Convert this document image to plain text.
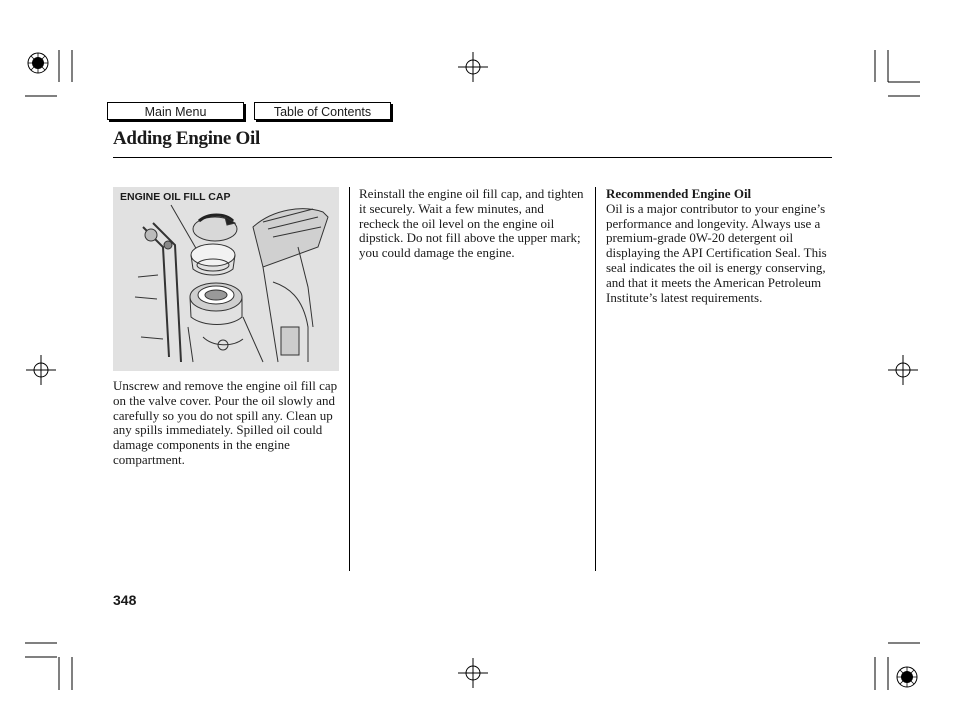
Main Menu	Table of Contents
Adding Engine Oil
ENGINE OIL FILL CAP
Unscrew and remove the engine oil fill cap on the valve cover. Pour the oil slowly and carefully so you do not spill any. Clean up any spills immediately. Spilled oil could damage components in the engine compartment.
Reinstall the engine oil fill cap, and tighten it securely. Wait a few minutes, and recheck the oil level on the engine oil dipstick. Do not fill above the upper mark; you could damage the engine.
Recommended Engine Oil
Oil is a major contributor to your engine’s performance and longevity. Always use a premium-grade 0W-20 detergent oil displaying the API Certification Seal. This seal indicates the oil is energy conserving, and that it meets the American Petroleum Institute’s latest requirements.
348
